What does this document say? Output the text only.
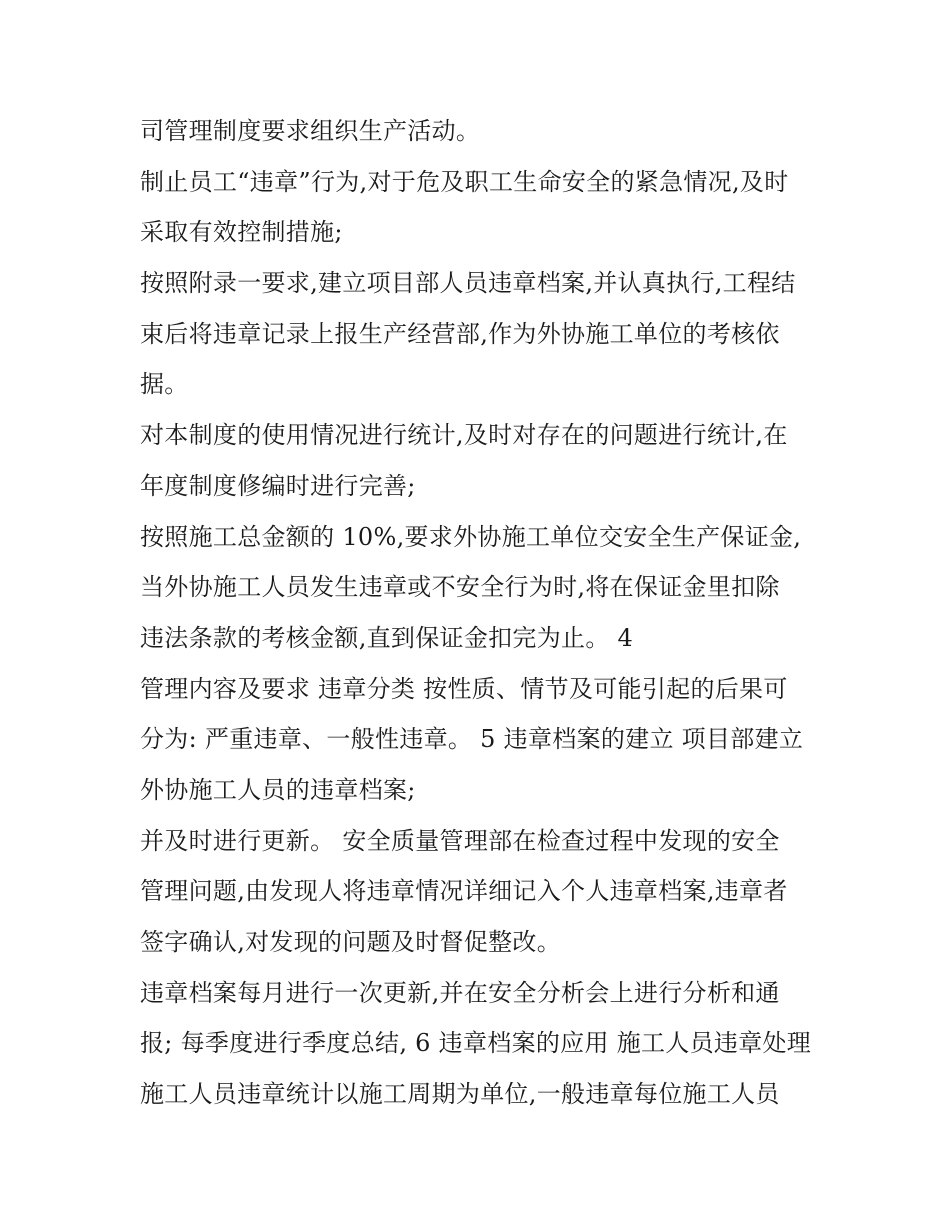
司管理制度要求组织生产活动。
制止员工“违章”行为,对于危及职工生命安全的紧急情况,及时
采取有效控制措施;
按照附录一要求,建立项目部人员违章档案,并认真执行,工程结
束后将违章记录上报生产经营部,作为外协施工单位的考核依
据。
对本制度的使用情况进行统计,及时对存在的问题进行统计,在
年度制度修编时进行完善;
按照施工总金额的 10%,要求外协施工单位交安全生产保证金,
当外协施工人员发生违章或不安全行为时,将在保证金里扣除
违法条款的考核金额,直到保证金扣完为止。 4
管理内容及要求 违章分类 按性质、情节及可能引起的后果可
分为: 严重违章、一般性违章。 5 违章档案的建立 项目部建立
外协施工人员的违章档案;
并及时进行更新。 安全质量管理部在检查过程中发现的安全
管理问题,由发现人将违章情况详细记入个人违章档案,违章者
签字确认,对发现的问题及时督促整改。
违章档案每月进行一次更新,并在安全分析会上进行分析和通
报; 每季度进行季度总结, 6 违章档案的应用 施工人员违章处理
施工人员违章统计以施工周期为单位,一般违章每位施工人员
